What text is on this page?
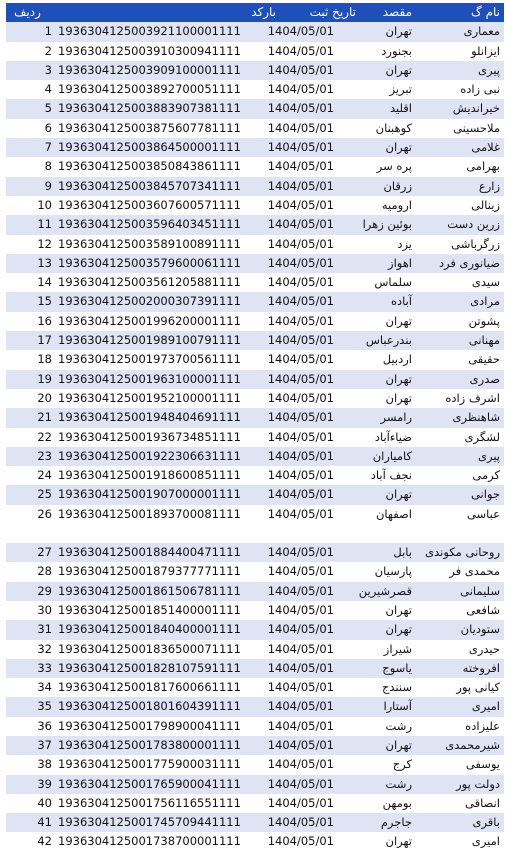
ردیف	بارکد	تاریخ ثبت	مقصد	نام گ
1 1936304125003921100001111	1404/05/01	تهران	معماری
2 1936304125003910300941111	1404/05/01	بجنورد	ایزانلو
3 1936304125003909100001111	1404/05/01	تهران	پیری
4 1936304125003892700051111	1404/05/01	تبریز	نبی زاده
5 1936304125003883907381111	1404/05/01	اقلید	خیراندیش
6 1936304125003875607781111	1404/05/01	کوهبنان	ملاحسینی
7 1936304125003864500001111	1404/05/01	تهران	غلامی
8 1936304125003850843861111	1404/05/01	پره سر	بهرامی
9 1936304125003845707341111	1404/05/01	زرقان	زارع
10 1936304125003607600571111	1404/05/01	ارومیه	زینالی
11 1936304125003596403451111	1404/05/01	بوئین زهرا	زرین دست
12 1936304125003589100891111	1404/05/01	یزد	زرگرباشی
13 1936304125003579600061111	1404/05/01	اهواز	ضیانوری فرد
14 1936304125003561205881111	1404/05/01	سلماس	سیدی
15 1936304125002000307391111	1404/05/01	آباده	مرادی
16 1936304125001996200001111	1404/05/01	تهران	پشوتن
17 1936304125001989100791111	1404/05/01	بندرعباس	مهنانی
18 1936304125001973700561111	1404/05/01	اردبیل	حقیقی
19 1936304125001963100001111	1404/05/01	تهران	صدری
20 1936304125001952100001111	1404/05/01	تهران	اشرف زاده
21 1936304125001948404691111	1404/05/01	رامسر	شاهنظری
22 1936304125001936734851111	1404/05/01	ضیاءآباد	لشگری
23 1936304125001922306631111	1404/05/01	کامیاران	پیری
24 1936304125001918600851111	1404/05/01	نجف آباد	کرمی
25 1936304125001907000001111	1404/05/01	تهران	جوانی
26 1936304125001893700081111	1404/05/01	اصفهان	عباسی
27 1936304125001884400471111	1404/05/01	بابل	روحانی مکوندی
28 1936304125001879377771111	1404/05/01	پارسیان	محمدی فر
29 1936304125001861506781111	1404/05/01	قصرشیرین	سلیمانی
30 1936304125001851400001111	1404/05/01	تهران	شافعی
31 1936304125001840400001111	1404/05/01	تهران	ستودیان
32 1936304125001836500071111	1404/05/01	شیراز	حیدری
33 1936304125001828107591111	1404/05/01	یاسوج	افروخته
34 1936304125001817600661111	1404/05/01	سنندج	کیانی پور
35 1936304125001801604391111	1404/05/01	آستارا	امیری
36 1936304125001798900041111	1404/05/01	رشت	علیزاده
37 1936304125001783800001111	1404/05/01	تهران	شیرمحمدی
38 1936304125001775900031111	1404/05/01	کرج	یوسفی
39 1936304125001765900041111	1404/05/01	رشت	دولت پور
40 1936304125001756116551111	1404/05/01	بومهن	انصاقی
41 1936304125001745709441111	1404/05/01	جاجرم	باقری
42 1936304125001738700001111	1404/05/01	تهران	امیری
